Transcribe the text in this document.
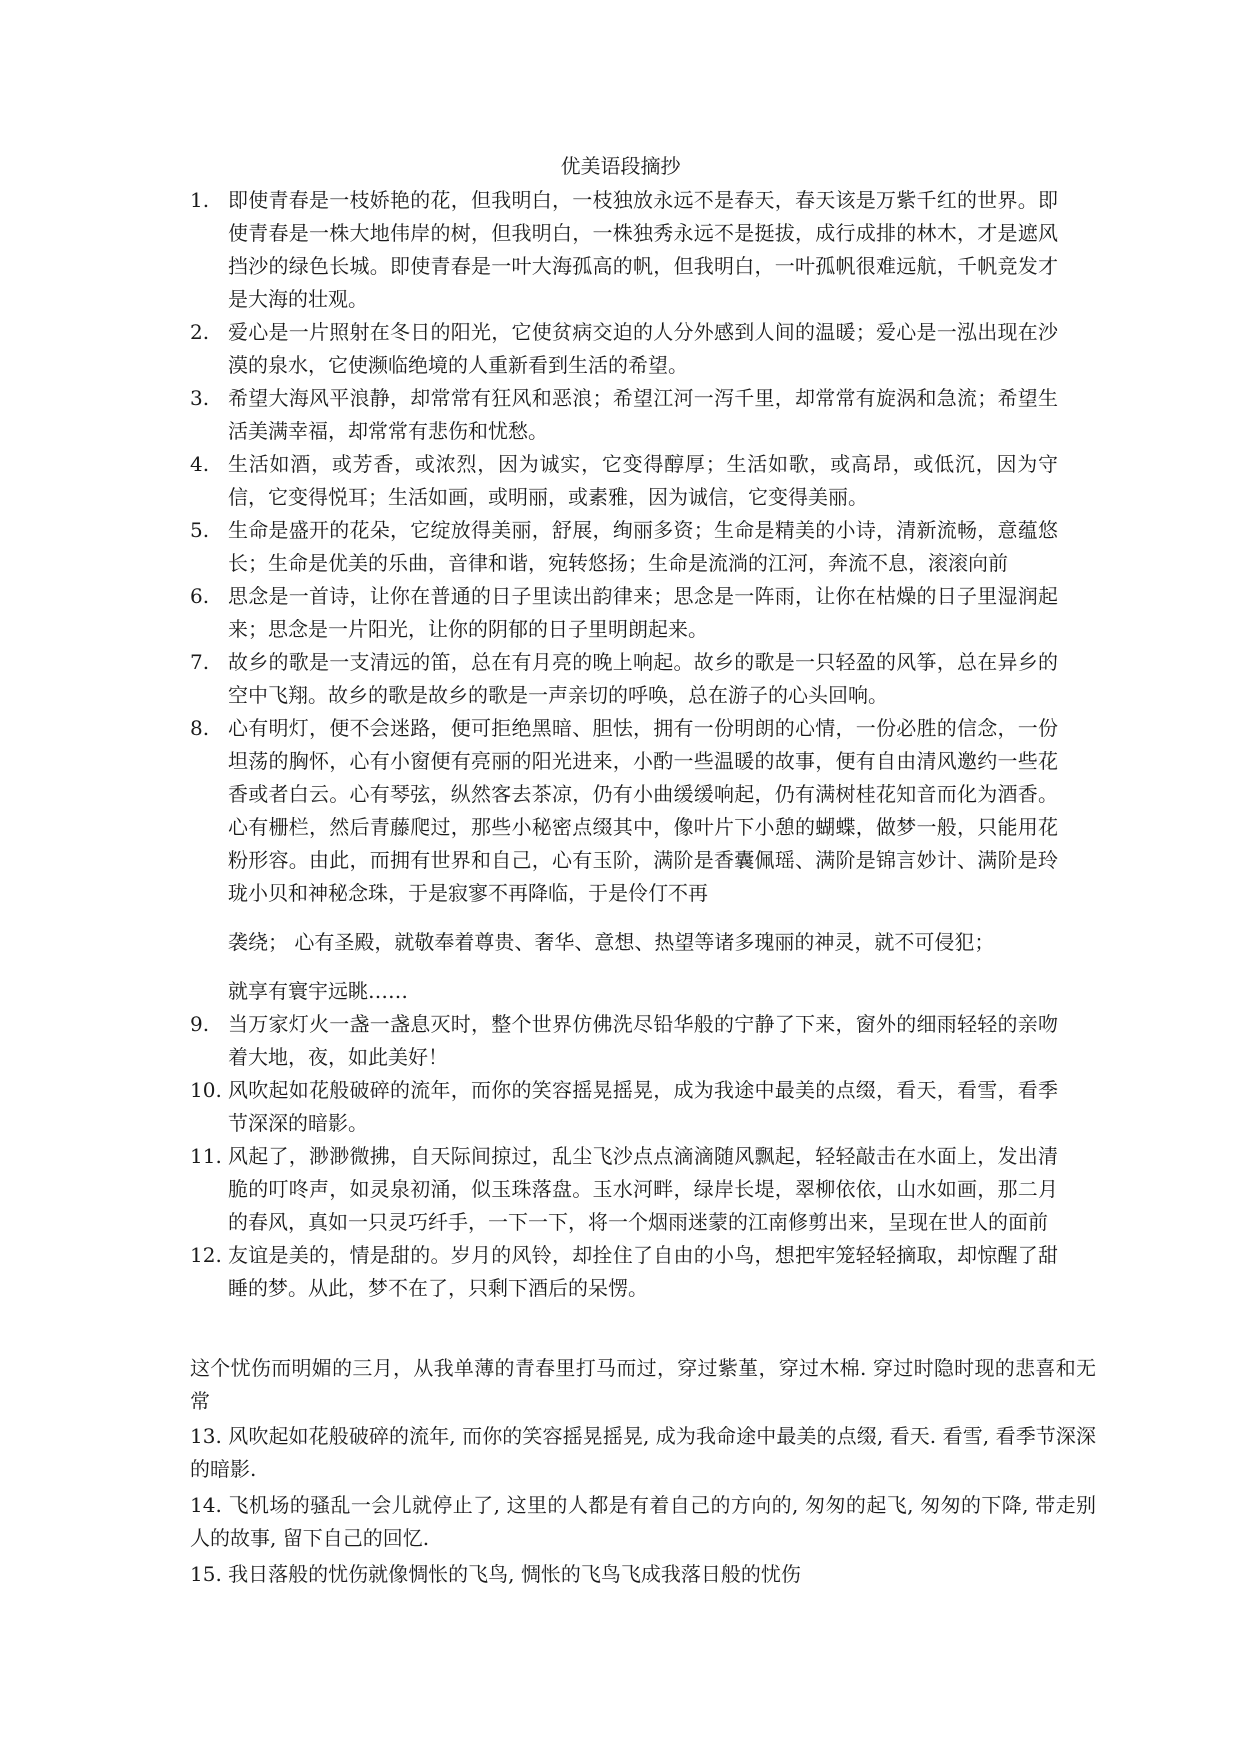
优美语段摘抄
1. 即使青春是一枝娇艳的花，但我明白，一枝独放永远不是春天，春天该是万紫千红的世界。即使青春是一株大地伟岸的树，但我明白，一株独秀永远不是挺拔，成行成排的林木，才是遮风挡沙的绿色长城。即使青春是一叶大海孤高的帆，但我明白，一叶孤帆很难远航，千帆竞发才是大海的壮观。
2. 爱心是一片照射在冬日的阳光，它使贫病交迫的人分外感到人间的温暖；爱心是一泓出现在沙漠的泉水，它使濒临绝境的人重新看到生活的希望。
3. 希望大海风平浪静，却常常有狂风和恶浪；希望江河一泻千里，却常常有旋涡和急流；希望生活美满幸福，却常常有悲伤和忧愁。
4. 生活如酒，或芳香，或浓烈，因为诚实，它变得醇厚；生活如歌，或高昂，或低沉，因为守信，它变得悦耳；生活如画，或明丽，或素雅，因为诚信，它变得美丽。
5. 生命是盛开的花朵，它绽放得美丽，舒展，绚丽多资；生命是精美的小诗，清新流畅，意蕴悠长；生命是优美的乐曲，音律和谐，宛转悠扬；生命是流淌的江河，奔流不息，滚滚向前
6. 思念是一首诗，让你在普通的日子里读出韵律来；思念是一阵雨，让你在枯燥的日子里湿润起来；思念是一片阳光，让你的阴郁的日子里明朗起来。
7. 故乡的歌是一支清远的笛，总在有月亮的晚上响起。故乡的歌是一只轻盈的风筝，总在异乡的空中飞翔。故乡的歌是故乡的歌是一声亲切的呼唤，总在游子的心头回响。
8. 心有明灯，便不会迷路，便可拒绝黑暗、胆怯，拥有一份明朗的心情，一份必胜的信念，一份坦荡的胸怀，心有小窗便有亮丽的阳光进来，小酌一些温暖的故事，便有自由清风邀约一些花香或者白云。心有琴弦，纵然客去茶凉，仍有小曲缓缓响起，仍有满树桂花知音而化为酒香。心有栅栏，然后青藤爬过，那些小秘密点缀其中，像叶片下小憩的蝴蝶，做梦一般，只能用花粉形容。由此，而拥有世界和自己，心有玉阶，满阶是香囊佩瑶、满阶是锦言妙计、满阶是玲珑小贝和神秘念珠，于是寂寥不再降临，于是伶仃不再
袭绕； 心有圣殿，就敬奉着尊贵、奢华、意想、热望等诸多瑰丽的神灵，就不可侵犯；
就享有寰宇远眺……
9. 当万家灯火一盏一盏息灭时，整个世界仿佛洗尽铅华般的宁静了下来，窗外的细雨轻轻的亲吻着大地，夜，如此美好！
10. 风吹起如花般破碎的流年，而你的笑容摇晃摇晃，成为我途中最美的点缀，看天，看雪，看季节深深的暗影。
11. 风起了，渺渺微拂，自天际间掠过，乱尘飞沙点点滴滴随风飘起，轻轻敲击在水面上，发出清脆的叮咚声，如灵泉初涌，似玉珠落盘。玉水河畔，绿岸长堤，翠柳依依，山水如画，那二月的春风，真如一只灵巧纤手，一下一下，将一个烟雨迷蒙的江南修剪出来，呈现在世人的面前
12. 友谊是美的，情是甜的。岁月的风铃，却拴住了自由的小鸟，想把牢笼轻轻摘取，却惊醒了甜睡的梦。从此，梦不在了，只剩下酒后的呆愣。
这个忧伤而明媚的三月，从我单薄的青春里打马而过，穿过紫堇，穿过木棉. 穿过时隐时现的悲喜和无常
13. 风吹起如花般破碎的流年, 而你的笑容摇晃摇晃, 成为我命途中最美的点缀, 看天. 看雪, 看季节深深的暗影.
14. 飞机场的骚乱一会儿就停止了, 这里的人都是有着自己的方向的, 匆匆的起飞, 匆匆的下降, 带走别人的故事, 留下自己的回忆.
15. 我日落般的忧伤就像惆怅的飞鸟, 惆怅的飞鸟飞成我落日般的忧伤
